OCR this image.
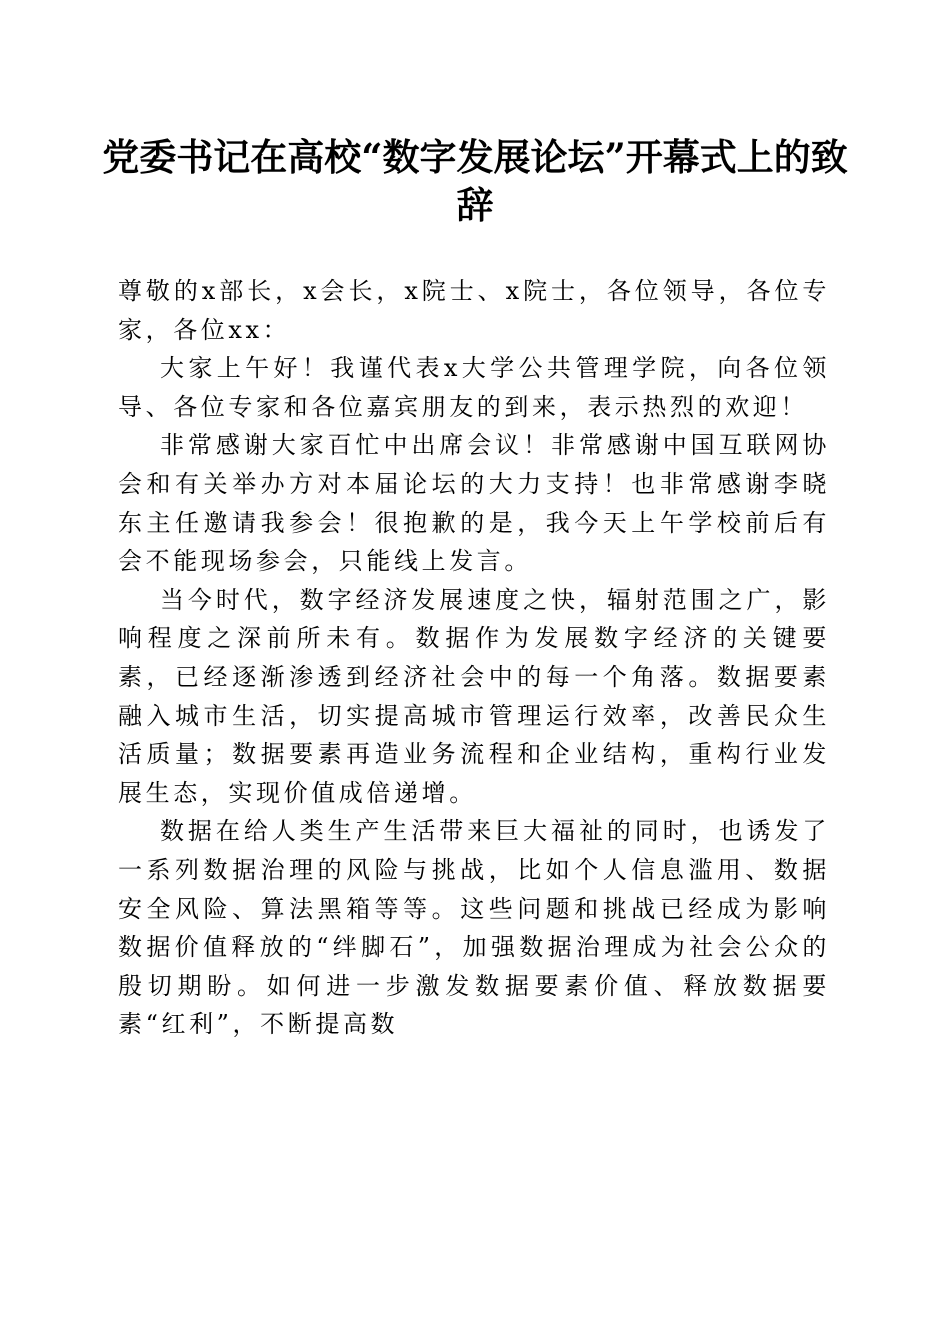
党委书记在高校“数字发展论坛”开幕式上的致辞

尊敬的x部长，x会长，x院士、x院士，各位领导，各位专家，各位xx：

大家上午好！我谨代表x大学公共管理学院，向各位领导、各位专家和各位嘉宾朋友的到来，表示热烈的欢迎！

非常感谢大家百忙中出席会议！非常感谢中国互联网协会和有关举办方对本届论坛的大力支持！也非常感谢李晓东主任邀请我参会！很抱歉的是，我今天上午学校前后有会不能现场参会，只能线上发言。

当今时代，数字经济发展速度之快，辐射范围之广，影响程度之深前所未有。数据作为发展数字经济的关键要素，已经逐渐渗透到经济社会中的每一个角落。数据要素融入城市生活，切实提高城市管理运行效率，改善民众生活质量；数据要素再造业务流程和企业结构，重构行业发展生态，实现价值成倍递增。

数据在给人类生产生活带来巨大福祉的同时，也诱发了一系列数据治理的风险与挑战，比如个人信息滥用、数据安全风险、算法黑箱等等。这些问题和挑战已经成为影响数据价值释放的“绊脚石”，加强数据治理成为社会公众的殷切期盼。如何进一步激发数据要素价值、释放数据要素“红利”，不断提高数
